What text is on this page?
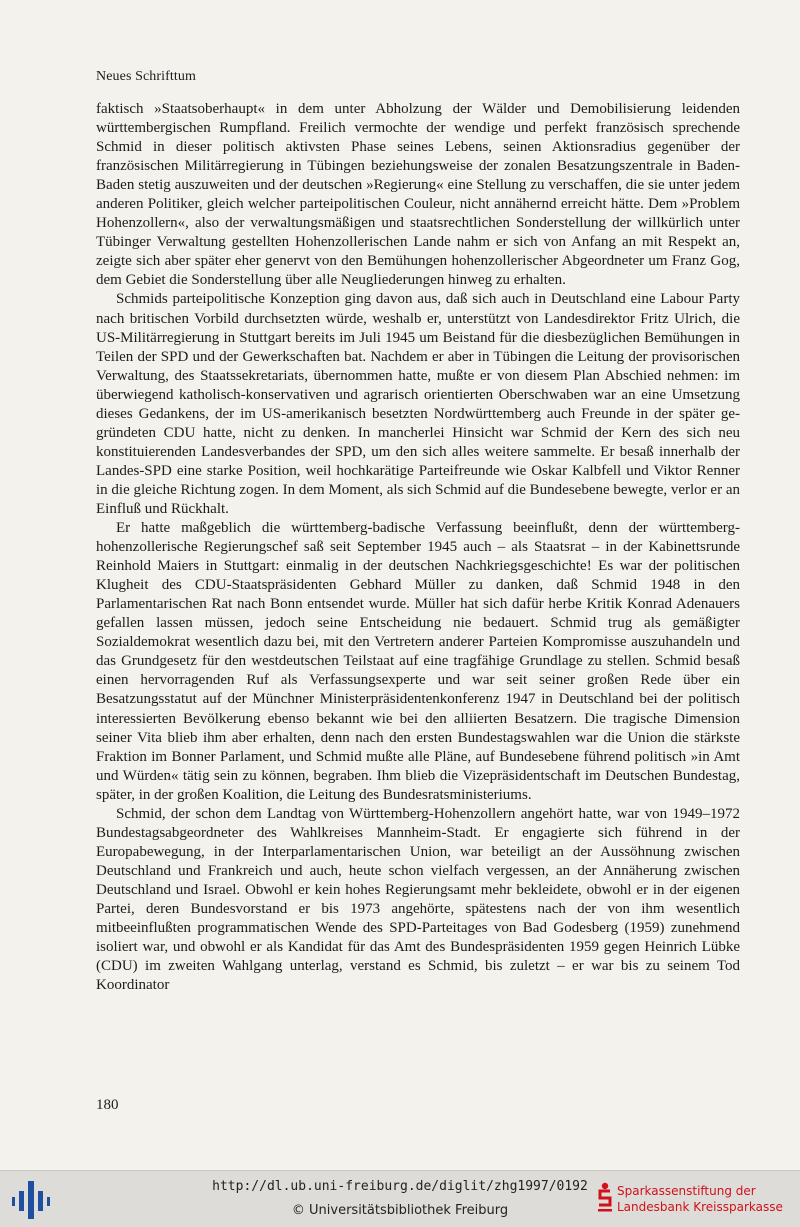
Neues Schrifttum

faktisch »Staatsoberhaupt« in dem unter Abholzung der Wälder und Demobilisierung leidenden württembergischen Rumpfland. Freilich vermochte der wendige und perfekt französisch sprechende Schmid in dieser politisch aktivsten Phase seines Lebens, seinen Aktionsradius gegenüber der französischen Militärregierung in Tübingen beziehungsweise der zonalen Besatzungszentrale in Baden-Baden stetig auszuweiten und der deutschen »Regierung« eine Stellung zu verschaffen, die sie unter jedem anderen Politiker, gleich welcher parteipolitischen Couleur, nicht annähernd erreicht hätte. Dem »Problem Hohenzollern«, also der verwaltungsmäßigen und staatsrechtlichen Sonderstellung der willkürlich unter Tübinger Verwaltung gestellten Hohenzollerischen Lande nahm er sich von Anfang an mit Respekt an, zeigte sich aber später eher genervt von den Bemühungen hohenzollerischer Abgeordneter um Franz Gog, dem Gebiet die Sonderstellung über alle Neugliederungen hinweg zu erhalten.

Schmids parteipolitische Konzeption ging davon aus, daß sich auch in Deutschland eine Labour Party nach britischen Vorbild durchsetzten würde, weshalb er, unterstützt von Landesdirektor Fritz Ulrich, die US-Militärregierung in Stuttgart bereits im Juli 1945 um Beistand für die diesbezüglichen Bemühungen in Teilen der SPD und der Gewerkschaften bat. Nachdem er aber in Tübingen die Leitung der provisorischen Verwaltung, des Staatssekretariats, übernommen hatte, mußte er von diesem Plan Abschied nehmen: im überwiegend katholisch-konservativen und agrarisch orientierten Oberschwaben war an eine Umsetzung dieses Gedankens, der im US-amerikanisch besetzten Nordwürttemberg auch Freunde in der später gegründeten CDU hatte, nicht zu denken. In mancherlei Hinsicht war Schmid der Kern des sich neu konstituierenden Landesverbandes der SPD, um den sich alles weitere sammelte. Er besaß innerhalb der Landes-SPD eine starke Position, weil hochkarätige Parteifreunde wie Oskar Kalbfell und Viktor Renner in die gleiche Richtung zogen. In dem Moment, als sich Schmid auf die Bundesebene bewegte, verlor er an Einfluß und Rückhalt.

Er hatte maßgeblich die württemberg-badische Verfassung beeinflußt, denn der württemberg-hohenzollerische Regierungschef saß seit September 1945 auch – als Staatsrat – in der Kabinettsrunde Reinhold Maiers in Stuttgart: einmalig in der deutschen Nachkriegsgeschichte! Es war der politischen Klugheit des CDU-Staatspräsidenten Gebhard Müller zu danken, daß Schmid 1948 in den Parlamentarischen Rat nach Bonn entsendet wurde. Müller hat sich dafür herbe Kritik Konrad Adenauers gefallen lassen müssen, jedoch seine Entscheidung nie bedauert. Schmid trug als gemäßigter Sozialdemokrat wesentlich dazu bei, mit den Vertretern anderer Parteien Kompromisse auszuhandeln und das Grundgesetz für den westdeutschen Teilstaat auf eine tragfähige Grundlage zu stellen. Schmid besaß einen hervorragenden Ruf als Verfassungsexperte und war seit seiner großen Rede über ein Besatzungsstatut auf der Münchner Ministerpräsidentenkonferenz 1947 in Deutschland bei der politisch interessierten Bevölkerung ebenso bekannt wie bei den alliierten Besatzern. Die tragische Dimension seiner Vita blieb ihm aber erhalten, denn nach den ersten Bundestagswahlen war die Union die stärkste Fraktion im Bonner Parlament, und Schmid mußte alle Pläne, auf Bundesebene führend politisch »in Amt und Würden« tätig sein zu können, begraben. Ihm blieb die Vizepräsidentschaft im Deutschen Bundestag, später, in der großen Koalition, die Leitung des Bundesratsministeriums.

Schmid, der schon dem Landtag von Württemberg-Hohenzollern angehört hatte, war von 1949–1972 Bundestagsabgeordneter des Wahlkreises Mannheim-Stadt. Er engagierte sich führend in der Europabewegung, in der Interparlamentarischen Union, war beteiligt an der Aussöhnung zwischen Deutschland und Frankreich und auch, heute schon vielfach vergessen, an der Annäherung zwischen Deutschland und Israel. Obwohl er kein hohes Regierungsamt mehr bekleidete, obwohl er in der eigenen Partei, deren Bundesvorstand er bis 1973 angehörte, spätestens nach der von ihm wesentlich mitbeeinflußten programmatischen Wende des SPD-Parteitages von Bad Godesberg (1959) zunehmend isoliert war, und obwohl er als Kandidat für das Amt des Bundespräsidenten 1959 gegen Heinrich Lübke (CDU) im zweiten Wahlgang unterlag, verstand es Schmid, bis zuletzt – er war bis zu seinem Tod Koordinator

180
http://dl.ub.uni-freiburg.de/diglit/zhg1997/0192
© Universitätsbibliothek Freiburg
Sparkassenstiftung der
Landesbank Kreissparkasse
